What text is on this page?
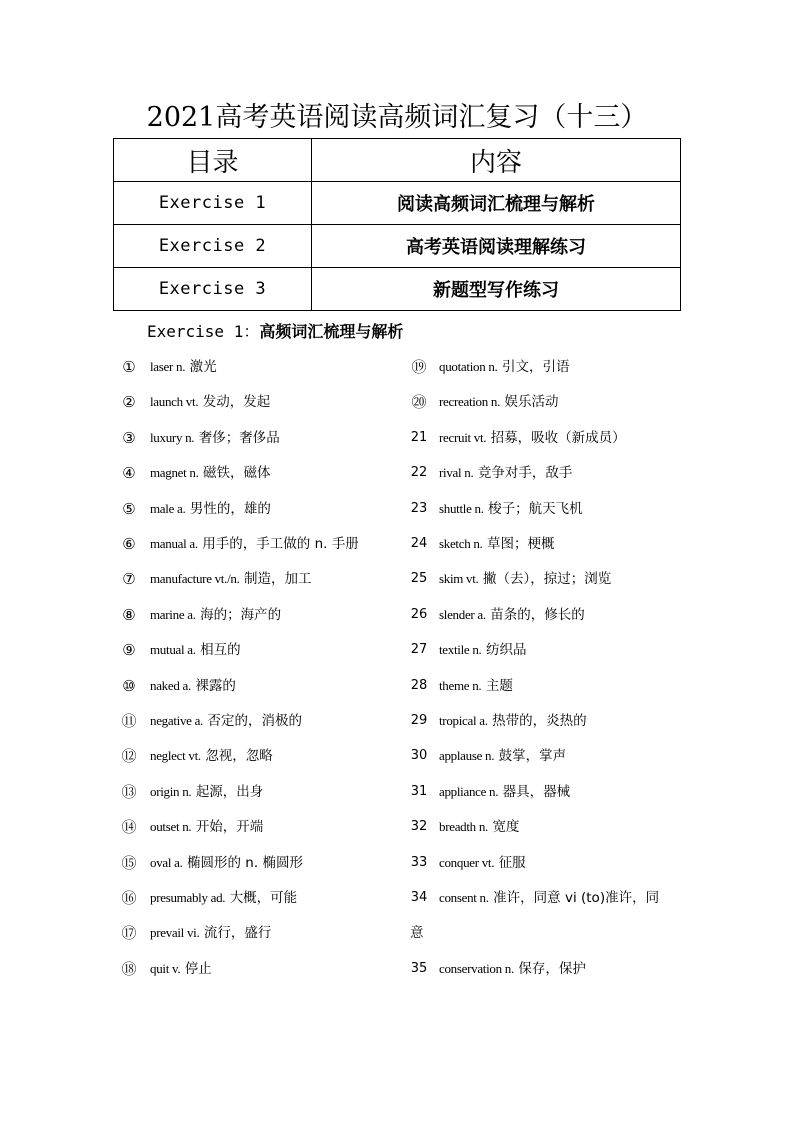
2021高考英语阅读高频词汇复习（十三）
目录	内容
Exercise 1	阅读高频词汇梳理与解析
Exercise 2	高考英语阅读理解练习
Exercise 3	新题型写作练习
Exercise 1：高频词汇梳理与解析
①	laser n. 激光
②	launch vt. 发动，发起
③	luxury n. 奢侈；奢侈品
④	magnet n. 磁铁，磁体
⑤	male a. 男性的，雄的
⑥	manual a. 用手的，手工做的 n. 手册
⑦	manufacture vt./n. 制造，加工
⑧	marine a. 海的；海产的
⑨	mutual a. 相互的
⑩	naked a. 裸露的
⑪ negative a. 否定的，消极的
⑫ neglect vt. 忽视，忽略
⑬ origin n. 起源，出身
⑭ outset n. 开始，开端
⑮ oval a. 椭圆形的 n. 椭圆形
⑯ presumably ad. 大概，可能
⑰ prevail vi. 流行，盛行
⑱ quit v. 停止
⑲ quotation n. 引文，引语
⑳ recreation n. 娱乐活动
21 recruit vt. 招募，吸收（新成员）
22 rival n. 竞争对手，敌手
23 shuttle n. 梭子；航天飞机
24 sketch n. 草图；梗概
25 skim vt. 撇（去），掠过；浏览
26 slender a. 苗条的，修长的
27 textile n. 纺织品
28 theme n. 主题
29 tropical a. 热带的，炎热的
30 applause n. 鼓掌，掌声
31 appliance n. 器具，器械
32 breadth n. 宽度
33 conquer vt. 征服
34 consent n. 准许，同意 vi (to)准许，同
35 conservation n. 保存，保护
意
